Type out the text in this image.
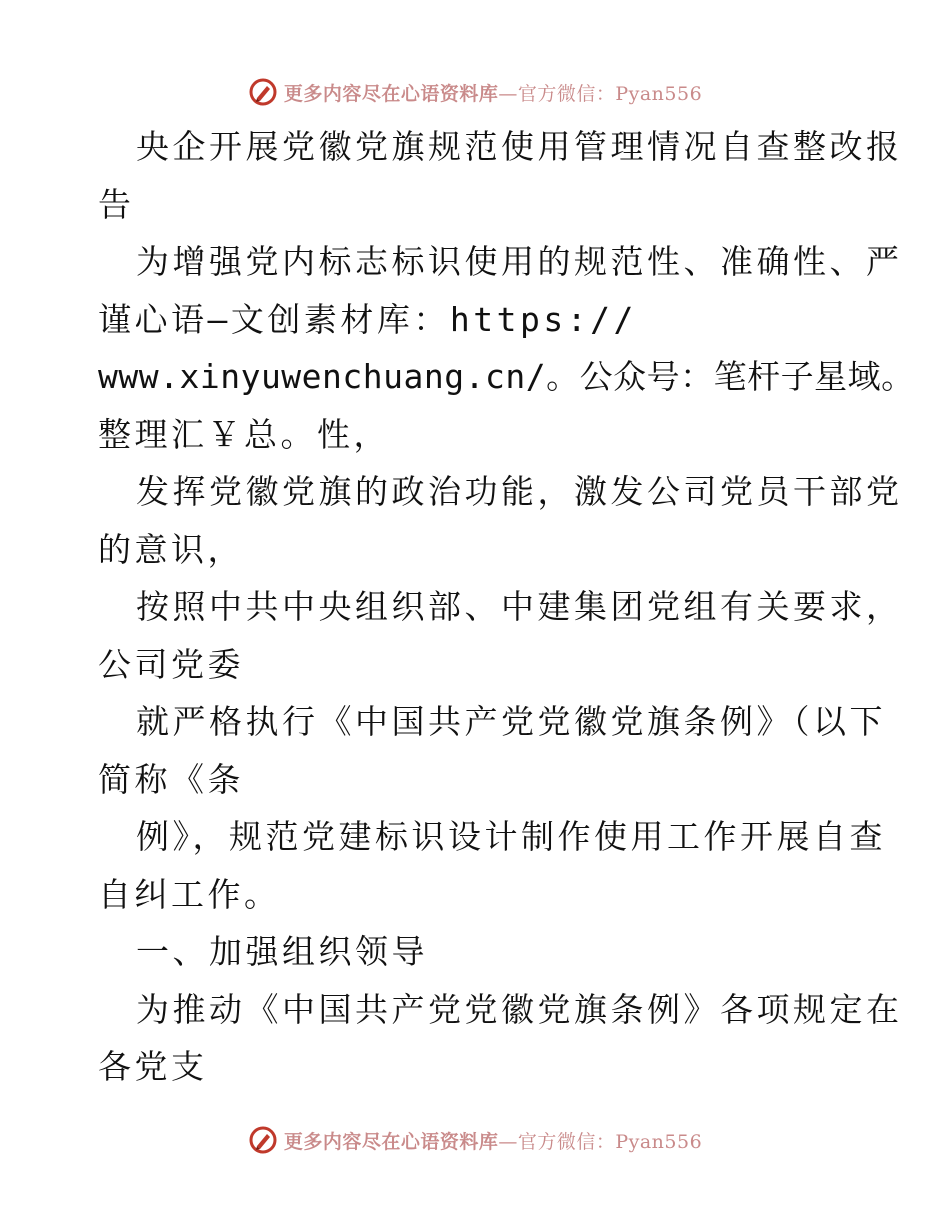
更多内容尽在心语资料库—官方微信：Pyan556
央企开展党徽党旗规范使用管理情况自查整改报
告
为增强党内标志标识使用的规范性、准确性、严
谨心语—文创素材库：https://
www.xinyuwenchuang.cn/。公众号：笔杆子星域。
整理汇￥总。性，
发挥党徽党旗的政治功能，激发公司党员干部党
的意识，
按照中共中央组织部、中建集团党组有关要求，
公司党委
就严格执行《中国共产党党徽党旗条例》（以下
简称《条
例》，规范党建标识设计制作使用工作开展自查
自纠工作。
一、加强组织领导
为推动《中国共产党党徽党旗条例》各项规定在
各党支
更多内容尽在心语资料库—官方微信：Pyan556
